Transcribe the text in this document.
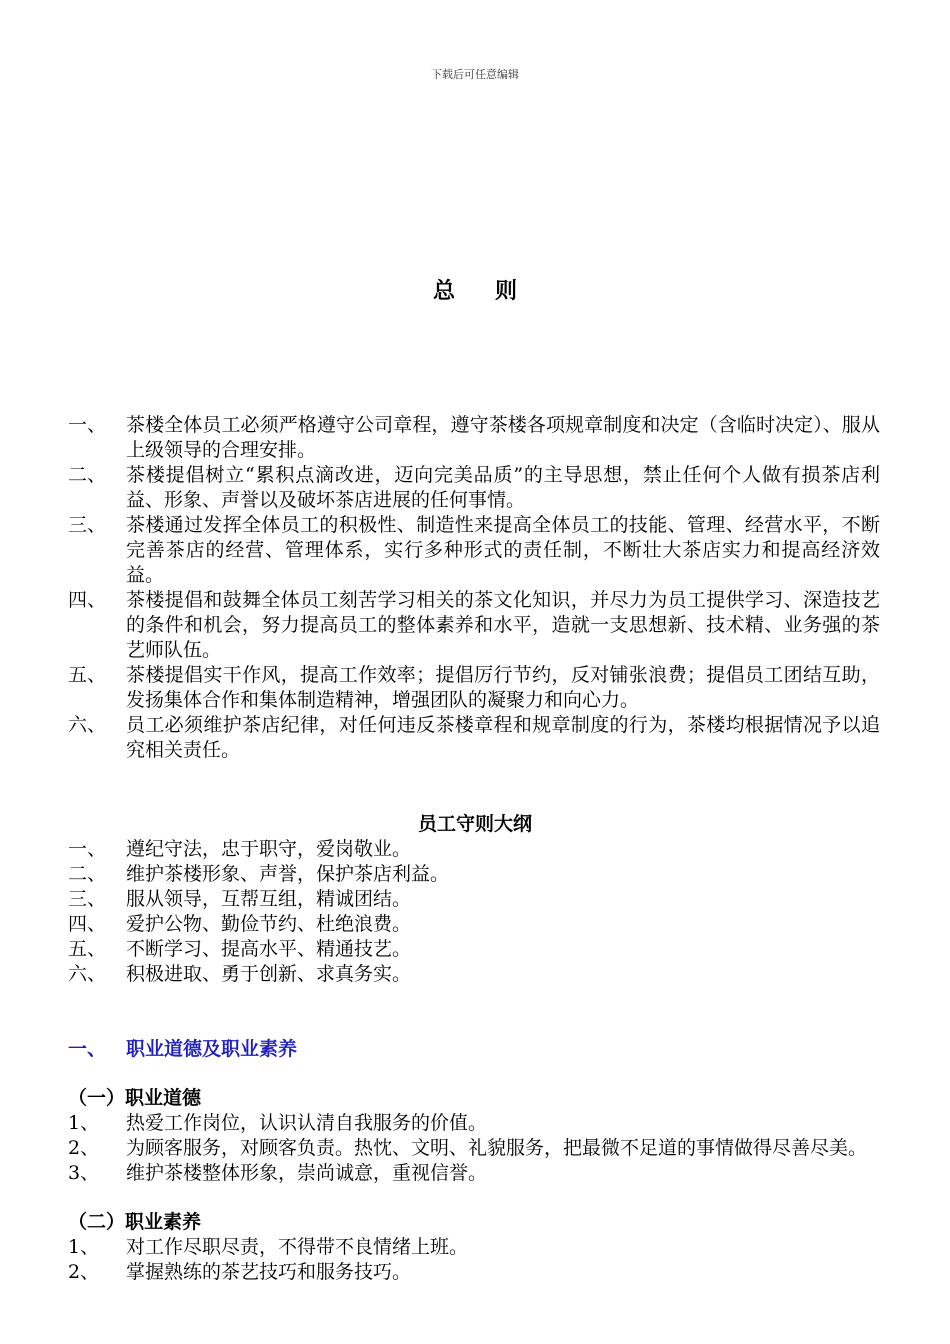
下载后可任意编辑
总则
一、	茶楼全体员工必须严格遵守公司章程，遵守茶楼各项规章制度和决定（含临时决定）、服从上级领导的合理安排。
二、	茶楼提倡树立“累积点滴改进，迈向完美品质”的主导思想，禁止任何个人做有损茶店利益、形象、声誉以及破坏茶店进展的任何事情。
三、	茶楼通过发挥全体员工的积极性、制造性来提高全体员工的技能、管理、经营水平，不断完善茶店的经营、管理体系，实行多种形式的责任制，不断壮大茶店实力和提高经济效益。
四、	茶楼提倡和鼓舞全体员工刻苦学习相关的茶文化知识，并尽力为员工提供学习、深造技艺的条件和机会，努力提高员工的整体素养和水平，造就一支思想新、技术精、业务强的茶艺师队伍。
五、	茶楼提倡实干作风，提高工作效率；提倡厉行节约，反对铺张浪费；提倡员工团结互助，发扬集体合作和集体制造精神，增强团队的凝聚力和向心力。
六、	员工必须维护茶店纪律，对任何违反茶楼章程和规章制度的行为，茶楼均根据情况予以追究相关责任。
员工守则大纲
一、	遵纪守法，忠于职守，爱岗敬业。
二、	维护茶楼形象、声誉，保护茶店利益。
三、	服从领导，互帮互组，精诚团结。
四、	爱护公物、勤俭节约、杜绝浪费。
五、	不断学习、提高水平、精通技艺。
六、	积极进取、勇于创新、求真务实。
一、	职业道德及职业素养
（一）职业道德
1、	热爱工作岗位，认识认清自我服务的价值。
2、	为顾客服务，对顾客负责。热忱、文明、礼貌服务，把最微不足道的事情做得尽善尽美。
3、	维护茶楼整体形象，崇尚诚意，重视信誉。
（二）职业素养
1、	对工作尽职尽责，不得带不良情绪上班。
2、	掌握熟练的茶艺技巧和服务技巧。
